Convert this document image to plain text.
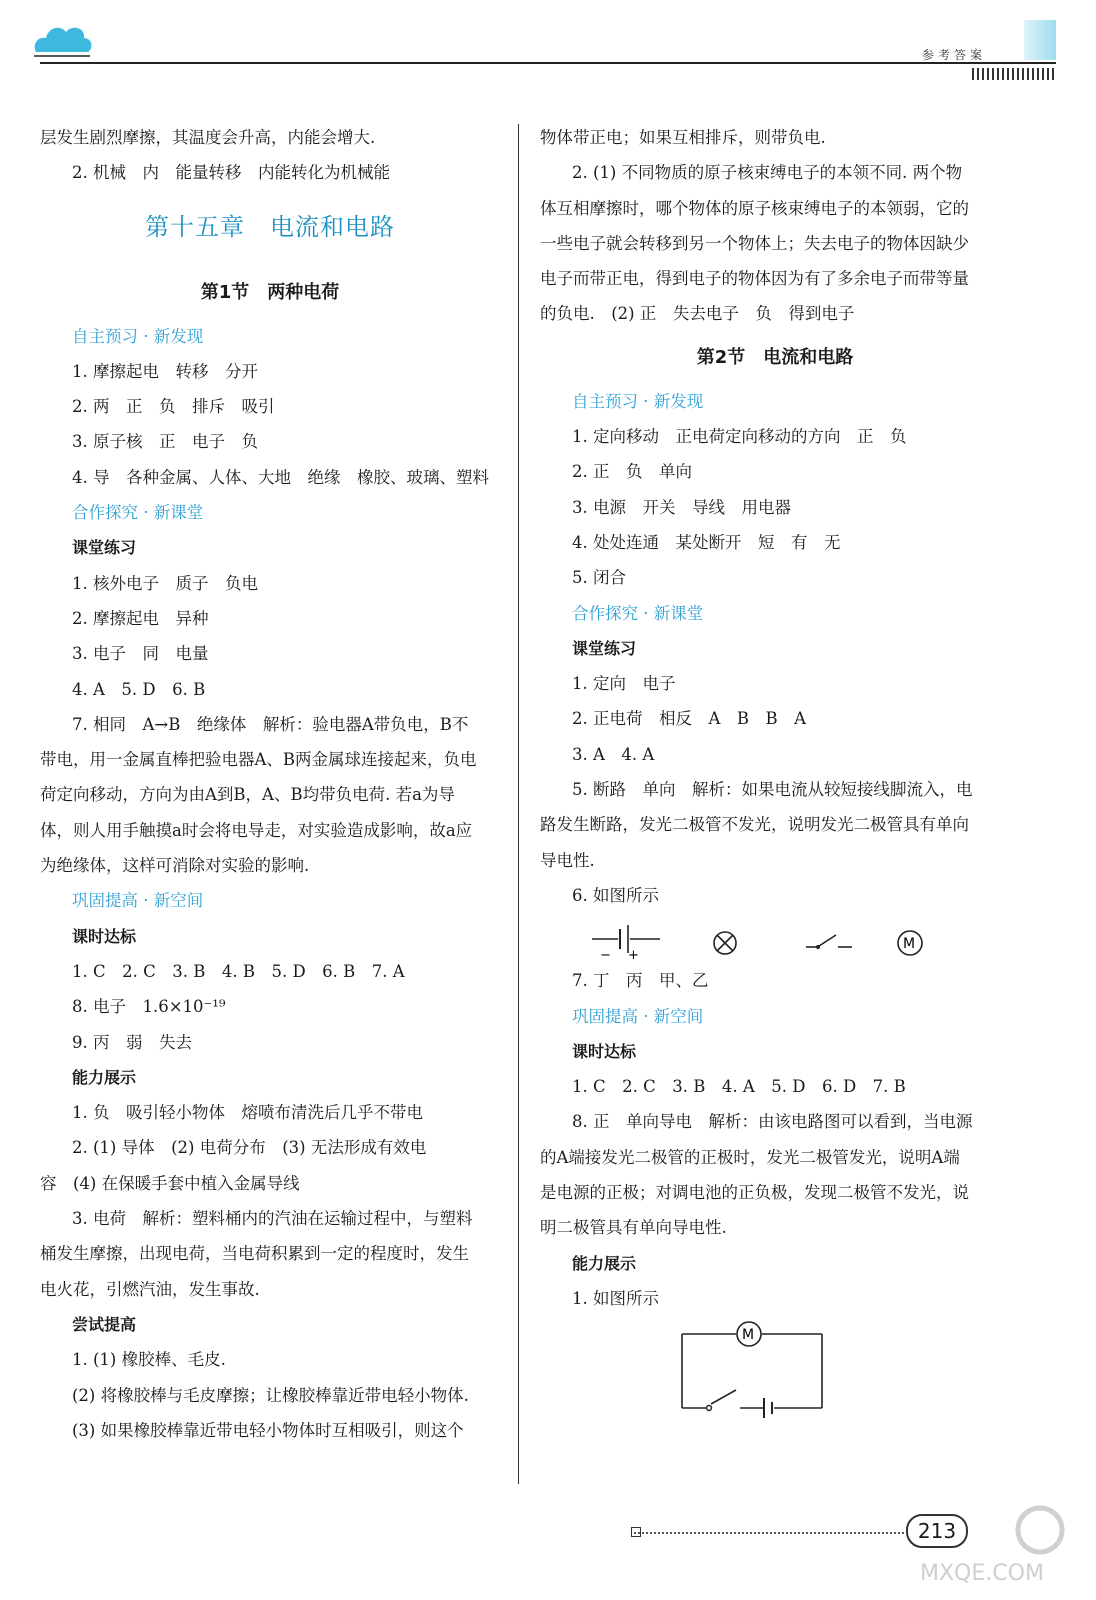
参考答案

层发生剧烈摩擦，其温度会升高，内能会增大.

2. 机械　内　能量转移　内能转化为机械能

第十五章　电流和电路
第1节　两种电荷

自主预习 · 新发现

1. 摩擦起电　转移　分开

2. 两　正　负　排斥　吸引

3. 原子核　正　电子　负

4. 导　各种金属、人体、大地　绝缘　橡胶、玻璃、塑料

合作探究 · 新课堂

课堂练习

1. 核外电子　质子　负电

2. 摩擦起电　异种

3. 电子　同　电量

4. A　5. D　6. B

7. 相同　A→B　绝缘体　解析：验电器A带负电，B不

带电，用一金属直棒把验电器A、B两金属球连接起来，负电

荷定向移动，方向为由A到B，A、B均带负电荷. 若a为导

体，则人用手触摸a时会将电导走，对实验造成影响，故a应

为绝缘体，这样可消除对实验的影响.

巩固提高 · 新空间

课时达标

1. C　2. C　3. B　4. B　5. D　6. B　7. A

8. 电子　1.6×10⁻¹⁹

9. 丙　弱　失去

能力展示

1. 负　吸引轻小物体　熔喷布清洗后几乎不带电

2. (1) 导体　(2) 电荷分布　(3) 无法形成有效电

容　(4) 在保暖手套中植入金属导线

3. 电荷　解析：塑料桶内的汽油在运输过程中，与塑料

桶发生摩擦，出现电荷，当电荷积累到一定的程度时，发生

电火花，引燃汽油，发生事故.

尝试提高

1. (1) 橡胶棒、毛皮.

(2) 将橡胶棒与毛皮摩擦；让橡胶棒靠近带电轻小物体.

(3) 如果橡胶棒靠近带电轻小物体时互相吸引，则这个

物体带正电；如果互相排斥，则带负电.

2. (1) 不同物质的原子核束缚电子的本领不同. 两个物

体互相摩擦时，哪个物体的原子核束缚电子的本领弱，它的

一些电子就会转移到另一个物体上；失去电子的物体因缺少

电子而带正电，得到电子的物体因为有了多余电子而带等量

的负电.　(2) 正　失去电子　负　得到电子

第2节　电流和电路

自主预习 · 新发现

1. 定向移动　正电荷定向移动的方向　正　负

2. 正　负　单向

3. 电源　开关　导线　用电器

4. 处处连通　某处断开　短　有　无

5. 闭合

合作探究 · 新课堂

课堂练习

1. 定向　电子

2. 正电荷　相反　A　B　B　A

3. A　4. A

5. 断路　单向　解析：如果电流从较短接线脚流入，电

路发生断路，发光二极管不发光，说明发光二极管具有单向

导电性.

6. 如图所示

− +
M

7. 丁　丙　甲、乙

巩固提高 · 新空间

课时达标

1. C　2. C　3. B　4. A　5. D　6. D　7. B

8. 正　单向导电　解析：由该电路图可以看到，当电源

的A端接发光二极管的正极时，发光二极管发光，说明A端

是电源的正极；对调电池的正负极，发现二极管不发光，说

明二极管具有单向导电性.

能力展示

1. 如图所示

M
213
MXQE.COM
